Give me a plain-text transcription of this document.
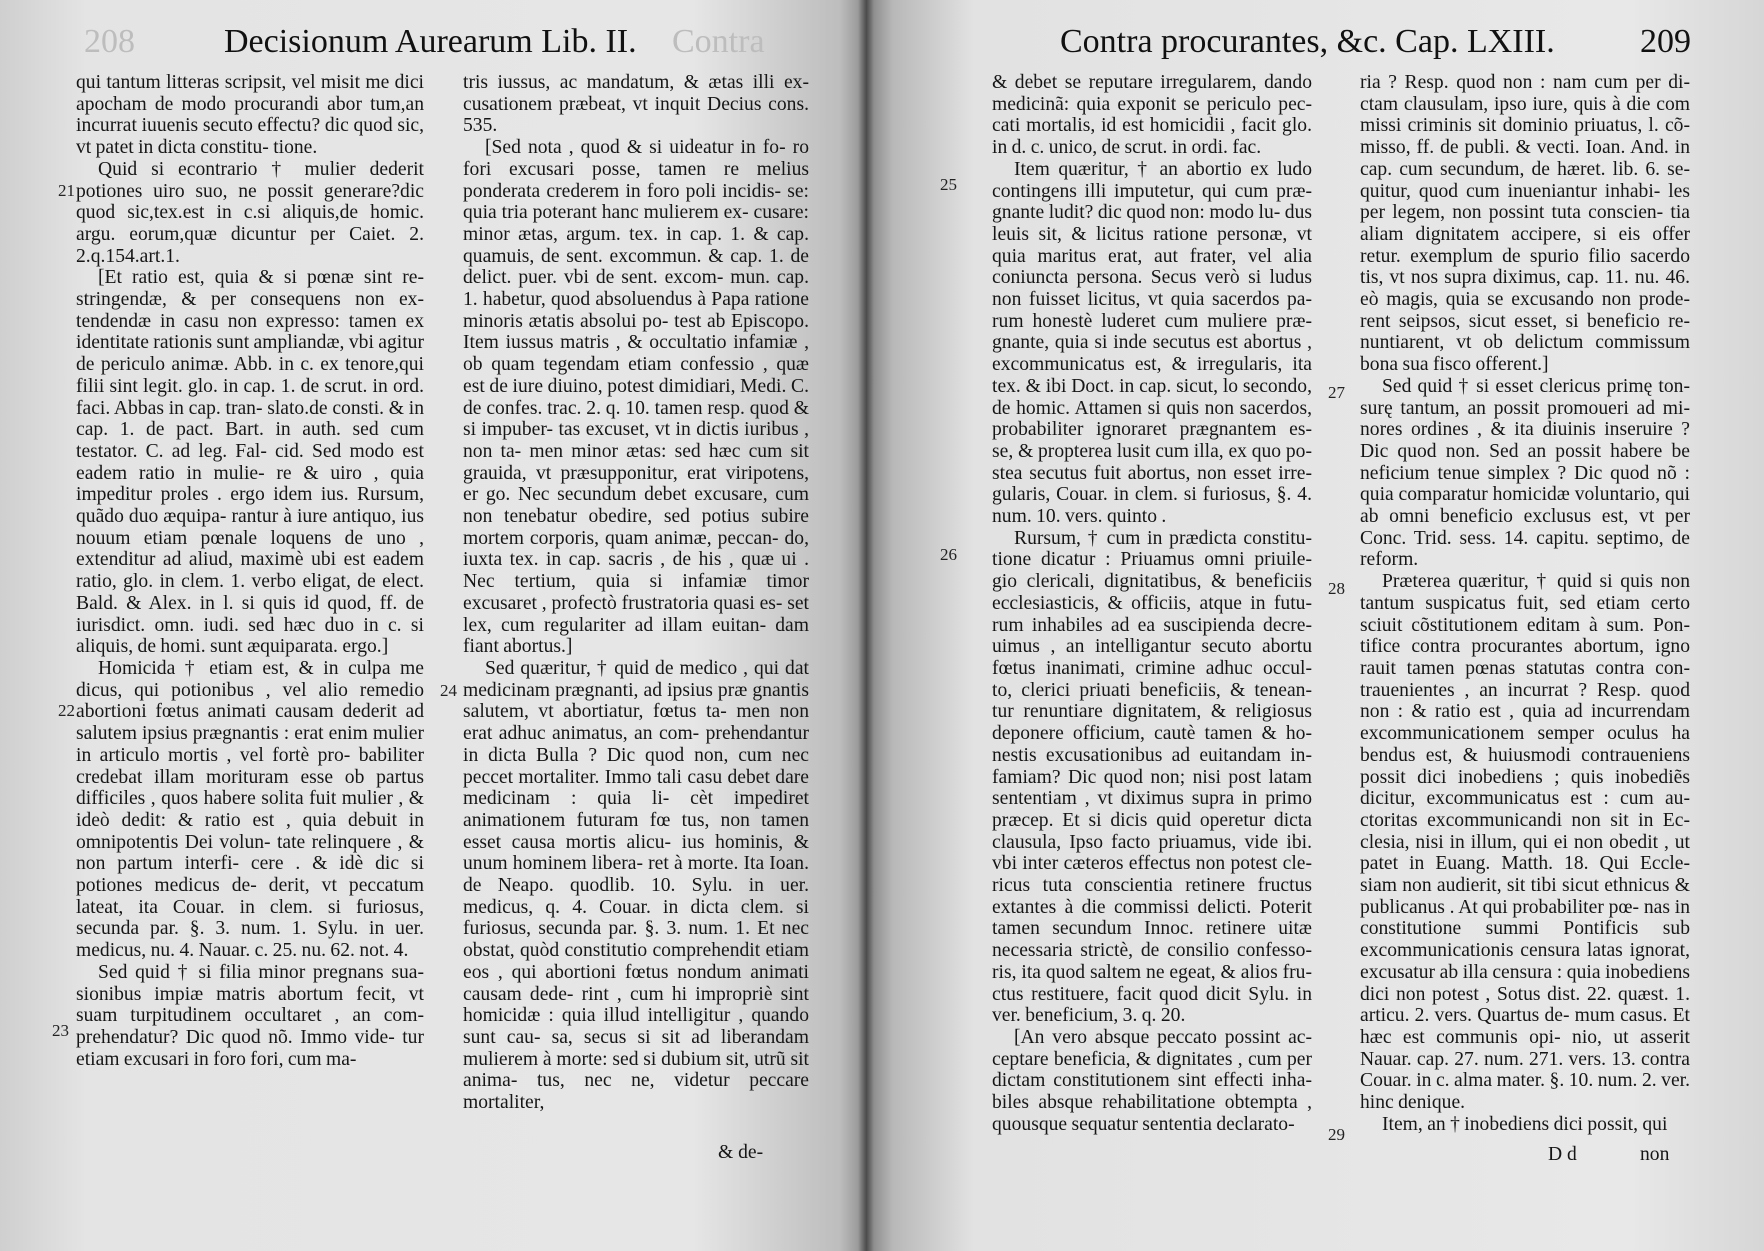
208	Decisionum Aurearum Lib. II. Contra

qui tantum litteras scripsit, vel misit me dici apocham de modo procurandi abor tum,an incurrat iuuenis secuto effectu? dic quod sic, vt patet in dicta constitu- tione.

Quid si econtrario † mulier dederit potiones uiro suo, ne possit generare?dic quod sic,tex.est in c.si aliquis,de homic. argu. eorum,quæ dicuntur per Caiet. 2. 2.q.154.art.1.

[Et ratio est, quia & si pœnæ sint re- stringendæ, & per consequens non ex- tendendæ in casu non expresso: tamen ex identitate rationis sunt ampliandæ, vbi agitur de periculo animæ. Abb. in c. ex tenore,qui filii sint legit. glo. in cap. 1. de scrut. in ord. faci. Abbas in cap. tran- slato.de consti. & in cap. 1. de pact. Bart. in auth. sed cum testator. C. ad leg. Fal- cid. Sed modo est eadem ratio in mulie- re & uiro , quia impeditur proles . ergo idem ius. Rursum, quãdo duo æquipa- rantur à iure antiquo, ius nouum etiam pœnale loquens de uno , extenditur ad aliud, maximè ubi est eadem ratio, glo. in clem. 1. verbo eligat, de elect. Bald. & Alex. in l. si quis id quod, ff. de iurisdict. omn. iudi. sed hæc duo in c. si aliquis, de homi. sunt æquiparata. ergo.]

Homicida † etiam est, & in culpa me dicus, qui potionibus , vel alio remedio abortioni fœtus animati causam dederit ad salutem ipsius prægnantis : erat enim mulier in articulo mortis , vel fortè pro- babiliter credebat illam morituram esse ob partus difficiles , quos habere solita fuit mulier , & ideò dedit: & ratio est , quia debuit in omnipotentis Dei volun- tate relinquere , & non partum interfi- cere . & idè dic si potiones medicus de- derit, vt peccatum lateat, ita Couar. in clem. si furiosus, secunda par. §. 3. num. 1. Sylu. in uer. medicus, nu. 4. Nauar. c. 25. nu. 62. not. 4.

Sed quid † si filia minor pregnans sua- sionibus impiæ matris abortum fecit, vt suam turpitudinem occultaret , an com- prehendatur? Dic quod nõ. Immo vide- tur etiam excusari in foro fori, cum ma-

21
22
23

tris iussus, ac mandatum, & ætas illi ex- cusationem præbeat, vt inquit Decius cons. 535.

[Sed nota , quod & si uideatur in fo- ro fori excusari posse, tamen re melius ponderata crederem in foro poli incidis- se: quia tria poterant hanc mulierem ex- cusare: minor ætas, argum. tex. in cap. 1. & cap. quamuis, de sent. excommun. & cap. 1. de delict. puer. vbi de sent. excom- mun. cap. 1. habetur, quod absoluendus à Papa ratione minoris ætatis absolui po- test ab Episcopo. Item iussus matris , & occultatio infamiæ , ob quam tegendam etiam confessio , quæ est de iure diuino, potest dimidiari, Medi. C. de confes. trac. 2. q. 10. tamen resp. quod & si impuber- tas excuset, vt in dictis iuribus , non ta- men minor ætas: sed hæc cum sit grauida, vt præsupponitur, erat viripotens, er go. Nec secundum debet excusare, cum non tenebatur obedire, sed potius subire mortem corporis, quam animæ, peccan- do, iuxta tex. in cap. sacris , de his , quæ ui . Nec tertium, quia si infamiæ timor excusaret , profectò frustratoria quasi es- set lex, cum regulariter ad illam euitan- dam fiant abortus.]

Sed quæritur, † quid de medico , qui dat medicinam prægnanti, ad ipsius præ gnantis salutem, vt abortiatur, fœtus ta- men non erat adhuc animatus, an com- prehendantur in dicta Bulla ? Dic quod non, cum nec peccet mortaliter. Immo tali casu debet dare medicinam : quia li- cèt impediret animationem futuram fœ tus, non tamen esset causa mortis alicu- ius hominis, & unum hominem libera- ret à morte. Ita Ioan. de Neapo. quodlib. 10. Sylu. in uer. medicus, q. 4. Couar. in dicta clem. si furiosus, secunda par. §. 3. num. 1. Et nec obstat, quòd constitutio comprehendit etiam eos , qui abortioni fœtus nondum animati causam dede- rint , cum hi impropriè sint homicidæ : quia illud intelligitur , quando sunt cau- sa, secus si sit ad liberandam mulierem à morte: sed si dubium sit, utrũ sit anima- tus, nec ne, videtur peccare mortaliter,

24
& de-
Contra procurantes, &c. Cap. LXIII.	209

& debet se reputare irregularem, dando medicinã: quia exponit se periculo pec- cati mortalis, id est homicidii , facit glo. in d. c. unico, de scrut. in ordi. fac.

Item quæritur, † an abortio ex ludo contingens illi imputetur, qui cum præ- gnante ludit? dic quod non: modo lu- dus leuis sit, & licitus ratione personæ, vt quia maritus erat, aut frater, vel alia coniuncta persona. Secus verò si ludus non fuisset licitus, vt quia sacerdos pa- rum honestè luderet cum muliere præ- gnante, quia si inde secutus est abortus , excommunicatus est, & irregularis, ita tex. & ibi Doct. in cap. sicut, lo secondo, de homic. Attamen si quis non sacerdos, probabiliter ignoraret prægnantem es- se, & propterea lusit cum illa, ex quo po- stea secutus fuit abortus, non esset irre- gularis, Couar. in clem. si furiosus, §. 4. num. 10. vers. quinto .

Rursum, † cum in prædicta constitu- tione dicatur : Priuamus omni priuile- gio clericali, dignitatibus, & beneficiis ecclesiasticis, & officiis, atque in futu- rum inhabiles ad ea suscipienda decre- uimus , an intelligantur secuto abortu fœtus inanimati, crimine adhuc occul- to, clerici priuati beneficiis, & tenean- tur renuntiare dignitatem, & religiosus deponere officium, cautè tamen & ho- nestis excusationibus ad euitandam in- famiam? Dic quod non; nisi post latam sententiam , vt diximus supra in primo præcep. Et si dicis quid operetur dicta clausula, Ipso facto priuamus, vide ibi. vbi inter cæteros effectus non potest cle- ricus tuta conscientia retinere fructus extantes à die commissi delicti. Poterit tamen secundum Innoc. retinere uitæ necessaria strictè, de consilio confesso- ris, ita quod saltem ne egeat, & alios fru- ctus restituere, facit quod dicit Sylu. in ver. beneficium, 3. q. 20.

[An vero absque peccato possint ac- ceptare beneficia, & dignitates , cum per dictam constitutionem sint effecti inha- biles absque rehabilitatione obtempta , quousque sequatur sententia declarato-

25
26

ria ? Resp. quod non : nam cum per di- ctam clausulam, ipso iure, quis à die com missi criminis sit dominio priuatus, l. cõ- misso, ff. de publi. & vecti. Ioan. And. in cap. cum secundum, de hæret. lib. 6. se- quitur, quod cum inueniantur inhabi- les per legem, non possint tuta conscien- tia aliam dignitatem accipere, si eis offer retur. exemplum de spurio filio sacerdo tis, vt nos supra diximus, cap. 11. nu. 46. eò magis, quia se excusando non prode- rent seipsos, sicut esset, si beneficio re- nuntiarent, vt ob delictum commissum bona sua fisco offerent.]

Sed quid † si esset clericus primę ton- surę tantum, an possit promoueri ad mi- nores ordines , & ita diuinis inseruire ? Dic quod non. Sed an possit habere be neficium tenue simplex ? Dic quod nõ : quia comparatur homicidæ voluntario, qui ab omni beneficio exclusus est, vt per Conc. Trid. sess. 14. capitu. septimo, de reform.

Præterea quæritur, † quid si quis non tantum suspicatus fuit, sed etiam certo sciuit cõstitutionem editam à sum. Pon- tifice contra procurantes abortum, igno rauit tamen pœnas statutas contra con- trauenientes , an incurrat ? Resp. quod non : & ratio est , quia ad incurrendam excommunicationem semper oculus ha bendus est, & huiusmodi contraueniens possit dici inobediens ; quis inobediẽs dicitur, excommunicatus est : cum au- ctoritas excommunicandi non sit in Ec- clesia, nisi in illum, qui ei non obedit , ut patet in Euang. Matth. 18. Qui Eccle- siam non audierit, sit tibi sicut ethnicus & publicanus . At qui probabiliter pœ- nas in constitutione summi Pontificis sub excommunicationis censura latas ignorat, excusatur ab illa censura : quia inobediens dici non potest , Sotus dist. 22. quæst. 1. articu. 2. vers. Quartus de- mum casus. Et hæc est communis opi- nio, ut asserit Nauar. cap. 27. num. 271. vers. 13. contra Couar. in c. alma mater. §. 10. num. 2. ver. hinc denique.

Item, an † inobediens dici possit, qui

27
28
29
D d	non
